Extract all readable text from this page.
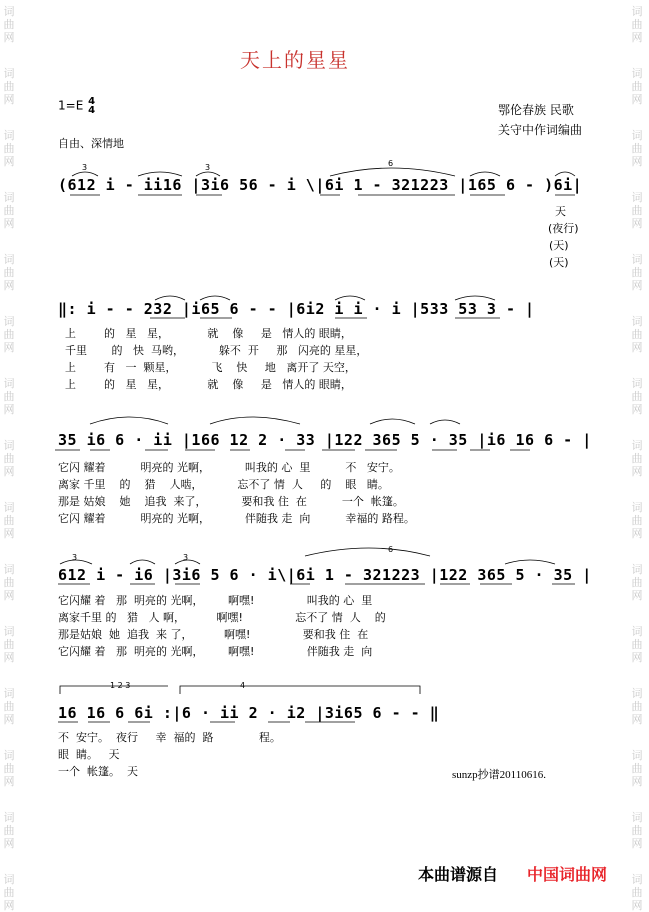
词
曲
网
词
曲
网
词
曲
网
词
曲
网
词
曲
网
词
曲
网
词
曲
网
词
曲
网
词
曲
网
词
曲
网
词
曲
网
词
曲
网
词
曲
网
词
曲
网
词
曲
网
词
曲
网
词
曲
网
词
曲
网
词
曲
网
词
曲
网
词
曲
网
词
曲
网
词
曲
网
词
曲
网
词
曲
网
词
曲
网
词
曲
网
词
曲
网
词
曲
网
词
曲
网
天上的星星
1=E 4
4
自由、深情地
鄂伦春族 民歌
关守中作词编曲
(612 i - ii16 |3i6 56 - i \|6i 1 - 321223 |165 6 - )6i|
天
(夜行)
(天)
(天)
‖: i - - 232 |i65 6 - - |6i2 i i · i |533 53 3 - |
上        的   星   星，           就    像     是   情人的 眼睛，
千里       的   快  马哟，          躲不  开     那   闪亮的 星星，
上        有   一  颗星，          飞    快     地   离开了 天空，
上        的   星   星，           就    像     是   情人的 眼睛，
35 i6 6 · ii |166 12 2 · 33 |122 365 5 · 35 |i6 16 6 - |
它闪 耀着          明亮的 光啊，          叫我的 心  里          不   安宁。
离家 千里    的    猎    人啮，          忘不了 情  人     的    眼   睛。
那是 姑娘    她    追我  来了，          要和我 住  在          一个  帐篷。
它闪 耀着          明亮的 光啊，          伴随我 走  向          幸福的 路程。
612 i - i6 |3i6 5 6 · i\|6i 1 - 321223 |122 365 5 · 35 |
它闪耀 着   那  明亮的 光啊，       啊嘿!               叫我的 心  里
离家千里 的   猎   人 啊，         啊嘿!               忘不了 情  人    的
那是姑娘  她  追我  来 了，         啊嘿!               要和我 住  在
它闪耀 着   那  明亮的 光啊，       啊嘿!               伴随我 走  向
1 2 3	4
16 16 6 6i :|6 · ii 2 · i2 |3i65 6 - - ‖
不  安宁。  夜行     幸  福的  路             程。
眼  睛。   天
一个  帐篷。  天	sunzp抄谱20110616.
本曲谱源自 中国词曲网
3	3	6
3	3
6
